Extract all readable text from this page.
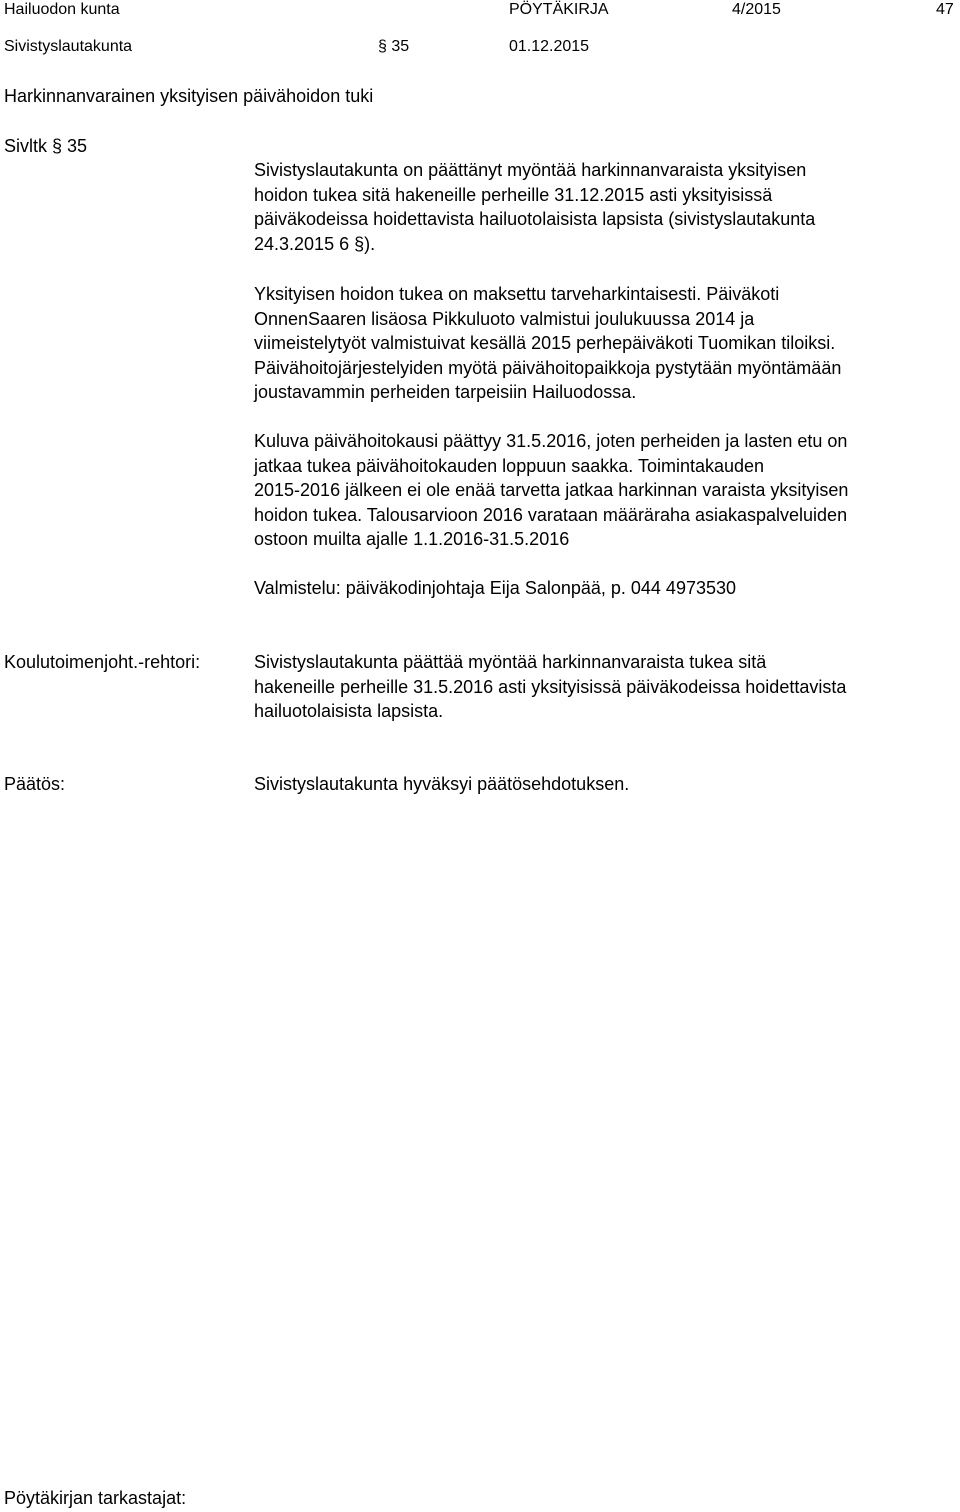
Hailuodon kunta	PÖYTÄKIRJA	4/2015	47
Sivistyslautakunta	§ 35	01.12.2015
Harkinnanvarainen yksityisen päivähoidon tuki
Sivltk § 35
Sivistyslautakunta on päättänyt myöntää harkinnanvaraista yksityisen
hoidon tukea sitä hakeneille perheille 31.12.2015 asti yksityisissä
päiväkodeissa hoidettavista hailuotolaisista lapsista (sivistyslautakunta
24.3.2015 6 §).
Yksityisen hoidon tukea on maksettu tarveharkintaisesti. Päiväkoti
OnnenSaaren lisäosa Pikkuluoto valmistui joulukuussa 2014 ja
viimeistelytyöt valmistuivat kesällä 2015 perhepäiväkoti Tuomikan tiloiksi.
Päivähoitojärjestelyiden myötä päivähoitopaikkoja pystytään myöntämään
joustavammin perheiden tarpeisiin Hailuodossa.
Kuluva päivähoitokausi päättyy 31.5.2016, joten perheiden ja lasten etu on
jatkaa tukea päivähoitokauden loppuun saakka. Toimintakauden
2015-2016 jälkeen ei ole enää tarvetta jatkaa harkinnan varaista yksityisen
hoidon tukea. Talousarvioon 2016 varataan määräraha asiakaspalveluiden
ostoon muilta ajalle 1.1.2016-31.5.2016
Valmistelu: päiväkodinjohtaja Eija Salonpää, p. 044 4973530
Koulutoimenjoht.-rehtori:	Sivistyslautakunta päättää myöntää harkinnanvaraista tukea sitä
hakeneille perheille 31.5.2016 asti yksityisissä päiväkodeissa hoidettavista
hailuotolaisista lapsista.
Päätös:	Sivistyslautakunta hyväksyi päätösehdotuksen.
Pöytäkirjan tarkastajat:
